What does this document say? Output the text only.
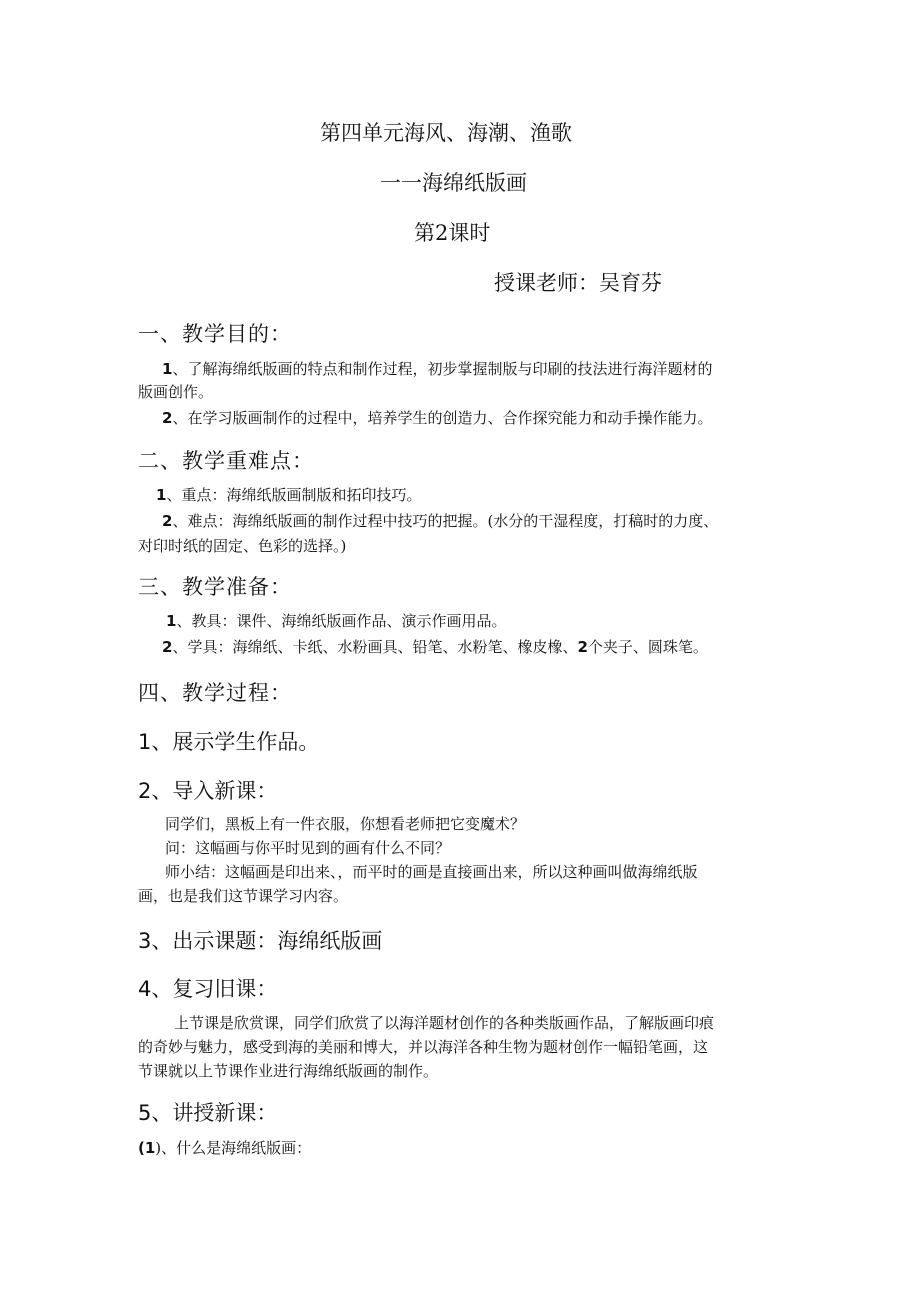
第四单元海风、海潮、渔歌
一一海绵纸版画
第2课时
授课老师：吴育芬
一、教学目的：
1、了解海绵纸版画的特点和制作过程，初步掌握制版与印刷的技法进行海洋题材的
版画创作。
2、在学习版画制作的过程中，培养学生的创造力、合作探究能力和动手操作能力。
二、教学重难点：
1、重点：海绵纸版画制版和拓印技巧。
2、难点：海绵纸版画的制作过程中技巧的把握。(水分的干湿程度，打稿时的力度、
对印时纸的固定、色彩的选择。)
三、教学准备：
1、教具：课件、海绵纸版画作品、演示作画用品。
2、学具：海绵纸、卡纸、水粉画具、铅笔、水粉笔、橡皮橡、2个夹子、圆珠笔。
四、教学过程：
1、展示学生作品。
2、导入新课：
同学们，黑板上有一件衣服，你想看老师把它变魔术？
问：这幅画与你平时见到的画有什么不同？
师小结：这幅画是印出来、，而平时的画是直接画出来，所以这种画叫做海绵纸版
画，也是我们这节课学习内容。
3、出示课题：海绵纸版画
4、复习旧课：
上节课是欣赏课，同学们欣赏了以海洋题材创作的各种类版画作品，了解版画印痕
的奇妙与魅力，感受到海的美丽和博大，并以海洋各种生物为题材创作一幅铅笔画，这
节课就以上节课作业进行海绵纸版画的制作。
5、讲授新课：
(1)、什么是海绵纸版画：
